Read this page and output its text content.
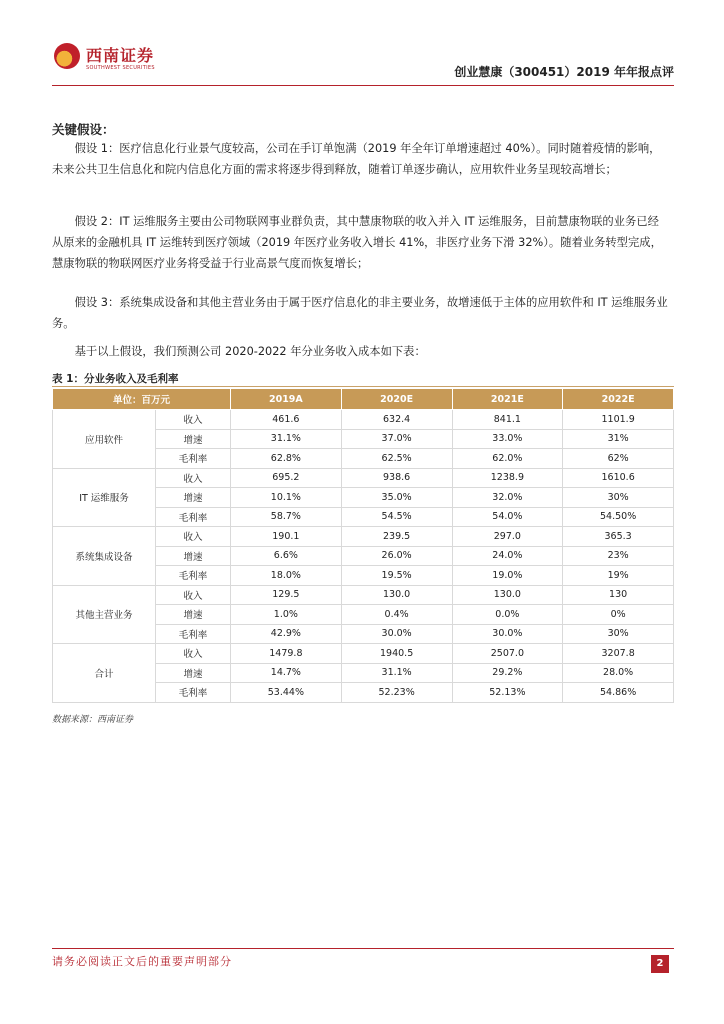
西南证券
SOUTHWEST SECURITIES	创业慧康（300451）2019 年年报点评
关键假设：

假设 1：医疗信息化行业景气度较高，公司在手订单饱满（2019 年全年订单增速超过 40%）。同时随着疫情的影响，未来公共卫生信息化和院内信息化方面的需求将逐步得到释放，随着订单逐步确认，应用软件业务呈现较高增长；

假设 2：IT 运维服务主要由公司物联网事业群负责，其中慧康物联的收入并入 IT 运维服务，目前慧康物联的业务已经从原来的金融机具 IT 运维转到医疗领域（2019 年医疗业务收入增长 41%，非医疗业务下滑 32%）。随着业务转型完成，慧康物联的物联网医疗业务将受益于行业高景气度而恢复增长；

假设 3：系统集成设备和其他主营业务由于属于医疗信息化的非主要业务，故增速低于主体的应用软件和 IT 运维服务业务。

基于以上假设，我们预测公司 2020-2022 年分业务收入成本如下表：

表 1：分业务收入及毛利率
单位：百万元		2019A	2020E	2021E	2022E
应用软件	收入	461.6	632.4	841.1	1101.9
	增速	31.1%	37.0%	33.0%	31%
	毛利率	62.8%	62.5%	62.0%	62%
IT 运维服务	收入	695.2	938.6	1238.9	1610.6
	增速	10.1%	35.0%	32.0%	30%
	毛利率	58.7%	54.5%	54.0%	54.50%
系统集成设备	收入	190.1	239.5	297.0	365.3
	增速	6.6%	26.0%	24.0%	23%
	毛利率	18.0%	19.5%	19.0%	19%
其他主营业务	收入	129.5	130.0	130.0	130
	增速	1.0%	0.4%	0.0%	0%
	毛利率	42.9%	30.0%	30.0%	30%
合计	收入	1479.8	1940.5	2507.0	3207.8
	增速	14.7%	31.1%	29.2%	28.0%
	毛利率	53.44%	52.23%	52.13%	54.86%
数据来源：西南证券
请务必阅读正文后的重要声明部分	2
